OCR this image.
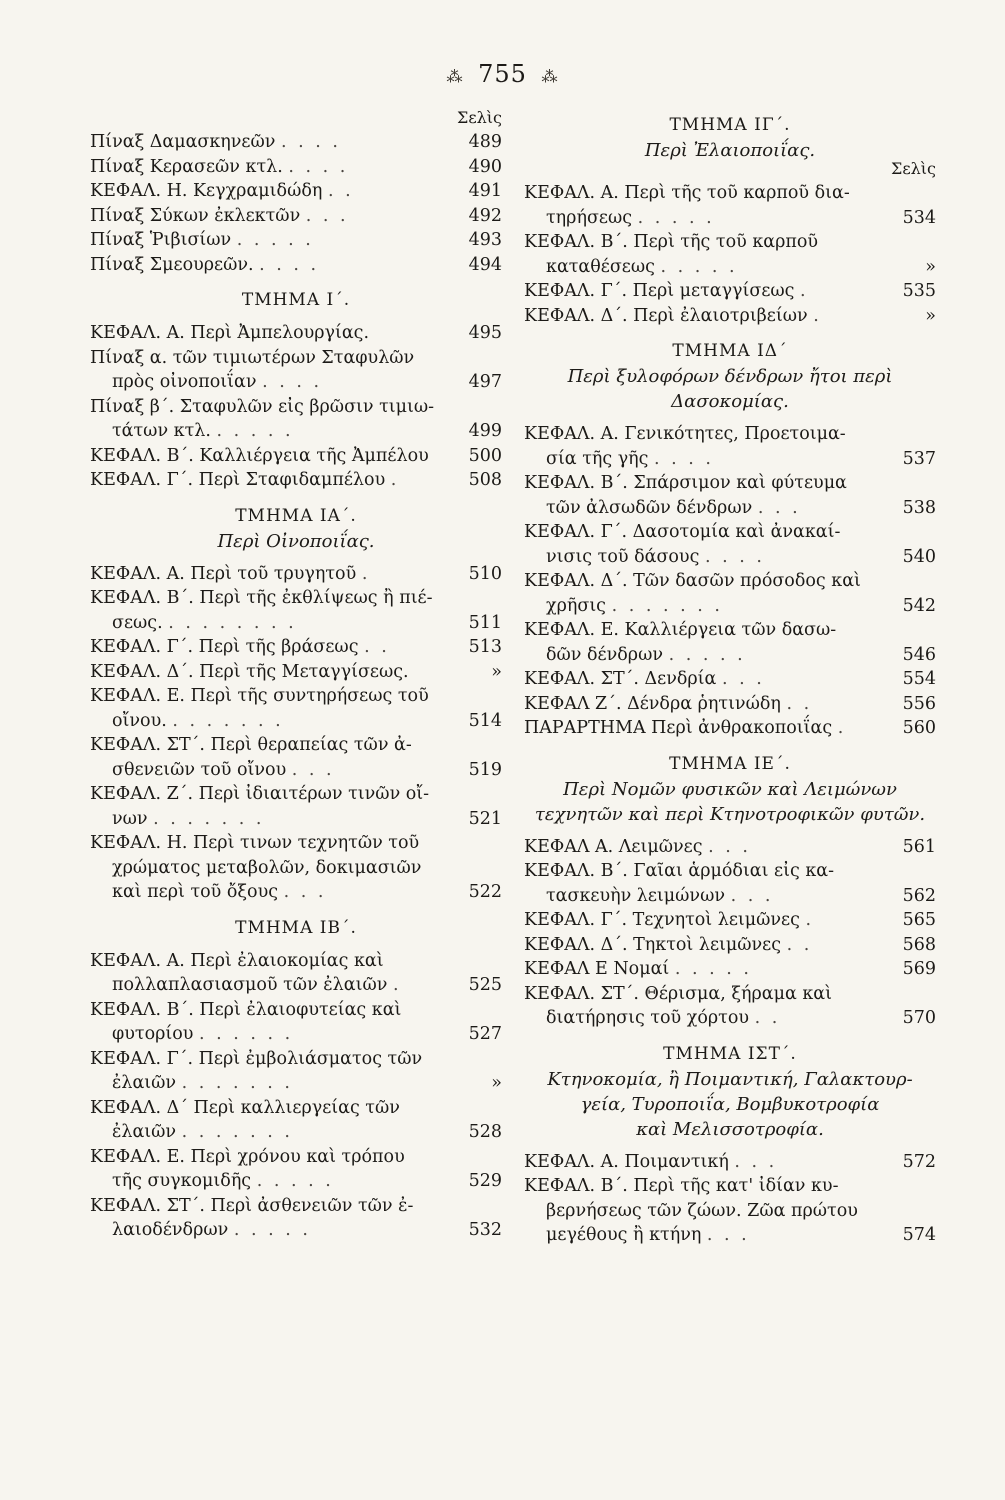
⁂ 755 ⁂
Σελὶς
Πίναξ Δαμασκηνεῶν . . . .	489
Πίναξ Κερασεῶν κτλ. . . . .	490
ΚΕΦΑΛ. Η. Κεγχραμιδώδη . .	491
Πίναξ Σύκων ἐκλεκτῶν . . .	492
Πίναξ Ῥιβισίων . . . . .	493
Πίναξ Σμεουρεῶν. . . . .	494
ΤΜΗΜΑ Ι΄.
ΚΕΦΑΛ. Α. Περὶ Ἀμπελουργίας.	495
Πίναξ α. τῶν τιμιωτέρων Σταφυλῶν
πρὸς οἰνοποιΐαν . . . .	497
Πίναξ β΄. Σταφυλῶν εἰς βρῶσιν τιμιω-
τάτων κτλ. . . . . .	499
ΚΕΦΑΛ. Β΄. Καλλιέργεια τῆς Ἀμπέλου	500
ΚΕΦΑΛ. Γ΄. Περὶ Σταφιδαμπέλου .	508
ΤΜΗΜΑ ΙΑ΄.
Περὶ Οἰνοποιΐας.
ΚΕΦΑΛ. Α. Περὶ τοῦ τρυγητοῦ .	510
ΚΕΦΑΛ. Β΄. Περὶ τῆς ἐκθλίψεως ἢ πιέ-
σεως. . . . . . . . .	511
ΚΕΦΑΛ. Γ΄. Περὶ τῆς βράσεως . .	513
ΚΕΦΑΛ. Δ΄. Περὶ τῆς Μεταγγίσεως.	»
ΚΕΦΑΛ. Ε. Περὶ τῆς συντηρήσεως τοῦ
οἴνου. . . . . . . .	514
ΚΕΦΑΛ. ΣΤ΄. Περὶ θεραπείας τῶν ἀ-
σθενειῶν τοῦ οἴνου . . .	519
ΚΕΦΑΛ. Ζ΄. Περὶ ἰδιαιτέρων τινῶν οἴ-
νων . . . . . . .	521
ΚΕΦΑΛ. Η. Περὶ τινων τεχνητῶν τοῦ
χρώματος μεταβολῶν, δοκιμασιῶν
καὶ περὶ τοῦ ὄξους . . .	522
ΤΜΗΜΑ ΙΒ΄.
ΚΕΦΑΛ. Α. Περὶ ἐλαιοκομίας καὶ
πολλαπλασιασμοῦ τῶν ἐλαιῶν .	525
ΚΕΦΑΛ. Β΄. Περὶ ἐλαιοφυτείας καὶ
φυτορίου . . . . . .	527
ΚΕΦΑΛ. Γ΄. Περὶ ἐμβολιάσματος τῶν
ἐλαιῶν . . . . . . .	»
ΚΕΦΑΛ. Δ΄ Περὶ καλλιεργείας τῶν
ἐλαιῶν . . . . . . .	528
ΚΕΦΑΛ. Ε. Περὶ χρόνου καὶ τρόπου
τῆς συγκομιδῆς . . . . .	529
ΚΕΦΑΛ. ΣΤ΄. Περὶ ἀσθενειῶν τῶν ἐ-
λαιοδένδρων . . . . .	532
ΤΜΗΜΑ ΙΓ΄.
Περὶ Ἐλαιοποιΐας.
Σελὶς
ΚΕΦΑΛ. Α. Περὶ τῆς τοῦ καρποῦ δια-
τηρήσεως . . . . .	534
ΚΕΦΑΛ. Β΄. Περὶ τῆς τοῦ καρποῦ
καταθέσεως . . . . .	»
ΚΕΦΑΛ. Γ΄. Περὶ μεταγγίσεως .	535
ΚΕΦΑΛ. Δ΄. Περὶ ἐλαιοτριβείων .	»
ΤΜΗΜΑ ΙΔ΄
Περὶ ξυλοφόρων δένδρων ἤτοι περὶ
Δασοκομίας.
ΚΕΦΑΛ. Α. Γενικότητες, Προετοιμα-
σία τῆς γῆς . . . .	537
ΚΕΦΑΛ. Β΄. Σπάρσιμον καὶ φύτευμα
τῶν ἀλσωδῶν δένδρων . . .	538
ΚΕΦΑΛ. Γ΄. Δασοτομία καὶ ἀνακαί-
νισις τοῦ δάσους . . . .	540
ΚΕΦΑΛ. Δ΄. Τῶν δασῶν πρόσοδος καὶ
χρῆσις . . . . . . .	542
ΚΕΦΑΛ. Ε. Καλλιέργεια τῶν δασω-
δῶν δένδρων . . . . .	546
ΚΕΦΑΛ. ΣΤ΄. Δενδρία . . .	554
ΚΕΦΑΛ Ζ΄. Δένδρα ῥητινώδη . .	556
ΠΑΡΑΡΤΗΜΑ Περὶ ἀνθρακοποιΐας .	560
ΤΜΗΜΑ ΙΕ΄.
Περὶ Νομῶν φυσικῶν καὶ Λειμώνων
τεχνητῶν καὶ περὶ Κτηνοτροφικῶν φυτῶν.
ΚΕΦΑΛ Α. Λειμῶνες . . .	561
ΚΕΦΑΛ. Β΄. Γαῖαι ἁρμόδιαι εἰς κα-
τασκευὴν λειμώνων . . .	562
ΚΕΦΑΛ. Γ΄. Τεχνητοὶ λειμῶνες .	565
ΚΕΦΑΛ. Δ΄. Τηκτοὶ λειμῶνες . .	568
ΚΕΦΑΛ Ε Νομαί . . . . .	569
ΚΕΦΑΛ. ΣΤ΄. Θέρισμα, ξήραμα καὶ
διατήρησις τοῦ χόρτου . .	570
ΤΜΗΜΑ ΙΣΤ΄.
Κτηνοκομία, ἢ Ποιμαντική, Γαλακτουρ-
γεία, Τυροποιΐα, Βομβυκοτροφία
καὶ Μελισσοτροφία.
ΚΕΦΑΛ. Α. Ποιμαντική . . .	572
ΚΕΦΑΛ. Β΄. Περὶ τῆς κατ' ἰδίαν κυ-
βερνήσεως τῶν ζώων. Ζῶα πρώτου
μεγέθους ἢ κτήνη . . .	574
